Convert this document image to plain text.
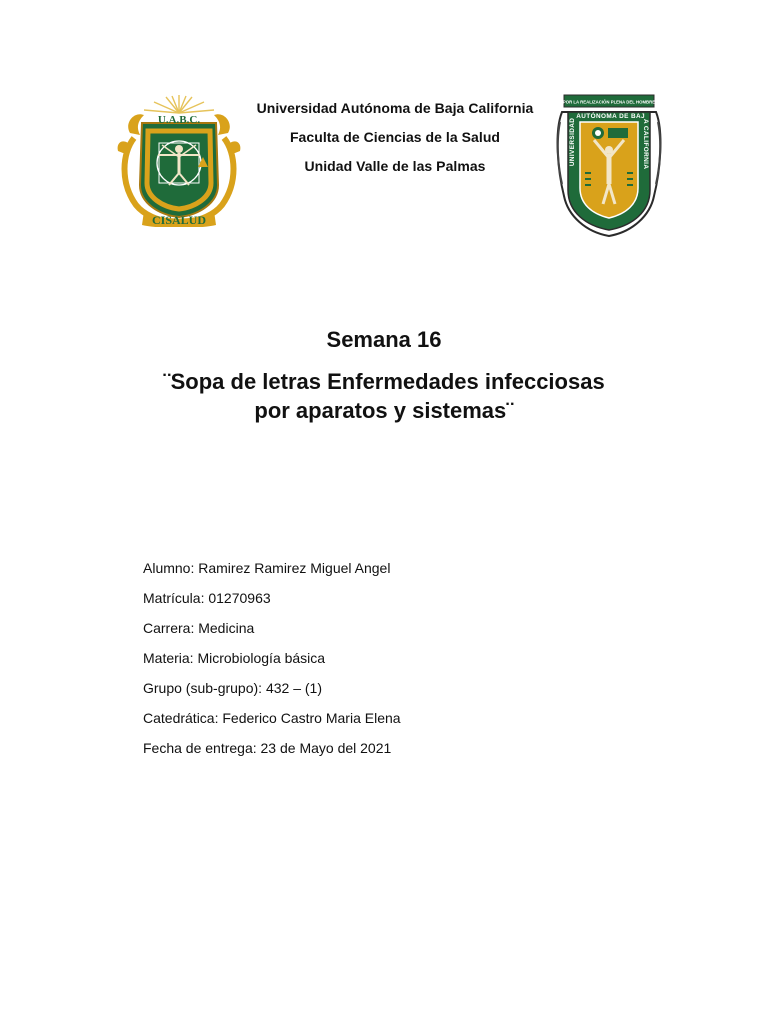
U.A.B.C.
CISALUD
Universidad Autónoma de Baja California
Faculta de Ciencias de la Salud
Unidad Valle de las Palmas
POR LA REALIZACIÓN PLENA DEL HOMBRE
UNIVERSIDAD AUTÓNOMA DE BAJA CALIFORNIA
Semana 16
¨Sopa de letras Enfermedades infecciosas
por aparatos y sistemas¨
Alumno: Ramirez Ramirez Miguel Angel
Matrícula: 01270963
Carrera: Medicina
Materia: Microbiología básica
Grupo (sub-grupo): 432 – (1)
Catedrática: Federico Castro Maria Elena
Fecha de entrega: 23 de Mayo del 2021
